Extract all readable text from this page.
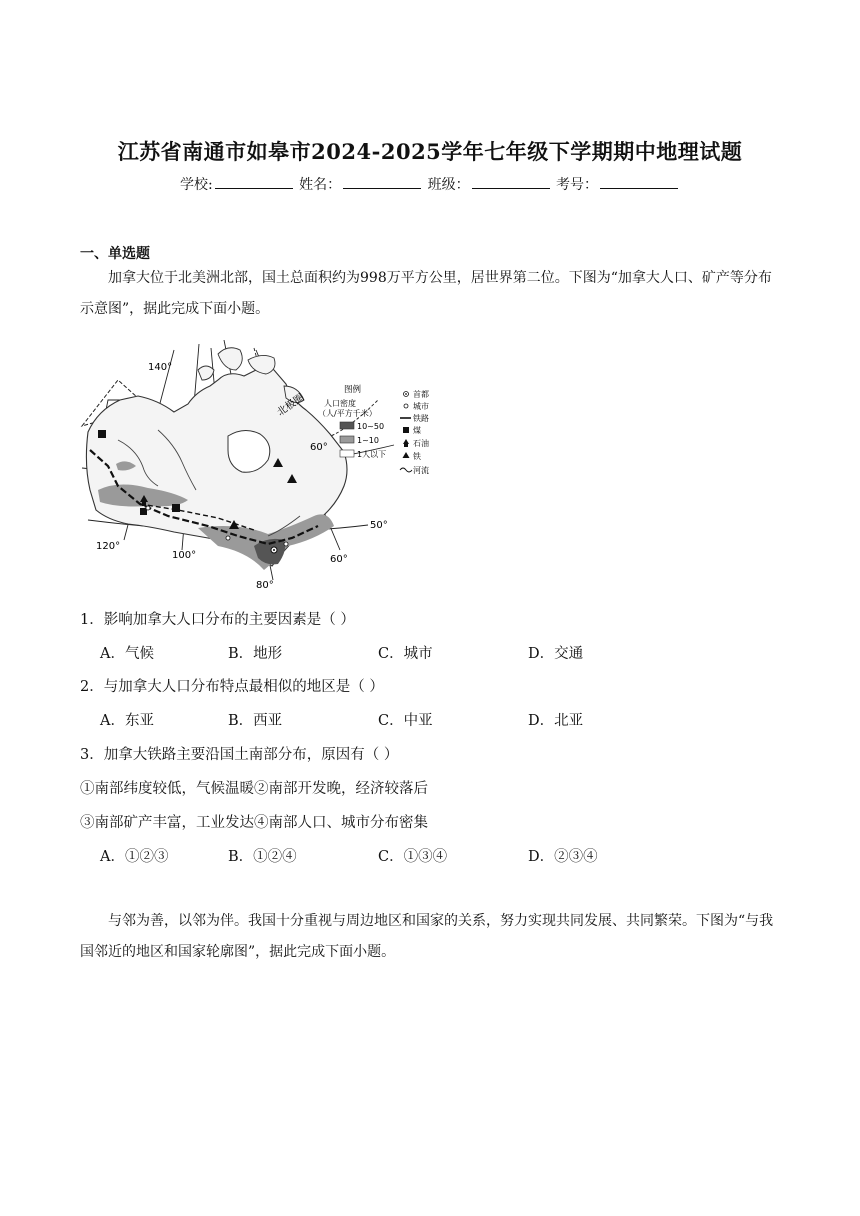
江苏省南通市如皋市2024-2025学年七年级下学期期中地理试题
学校:	姓名：	班级：	考号：
一、单选题
加拿大位于北美洲北部，国土总面积约为998万平方公里，居世界第二位。下图为“加拿大人口、矿产等分布示意图”，据此完成下面小题。
140°
120°
100°
80°
60°
60°
50°
北极圈
图例
人口密度
（人/平方千米）
10~50
1~10
1人以下
首都
城市
铁路
煤
石油
铁
河流
1．影响加拿大人口分布的主要因素是（ ）
A．气候	B．地形	C．城市	D．交通
2．与加拿大人口分布特点最相似的地区是（ ）
A．东亚	B．西亚	C．中亚	D．北亚
3．加拿大铁路主要沿国土南部分布，原因有（ ）
①南部纬度较低，气候温暖②南部开发晚，经济较落后
③南部矿产丰富，工业发达④南部人口、城市分布密集
A．①②③	B．①②④	C．①③④	D．②③④
与邻为善，以邻为伴。我国十分重视与周边地区和国家的关系，努力实现共同发展、共同繁荣。下图为“与我国邻近的地区和国家轮廓图”，据此完成下面小题。
